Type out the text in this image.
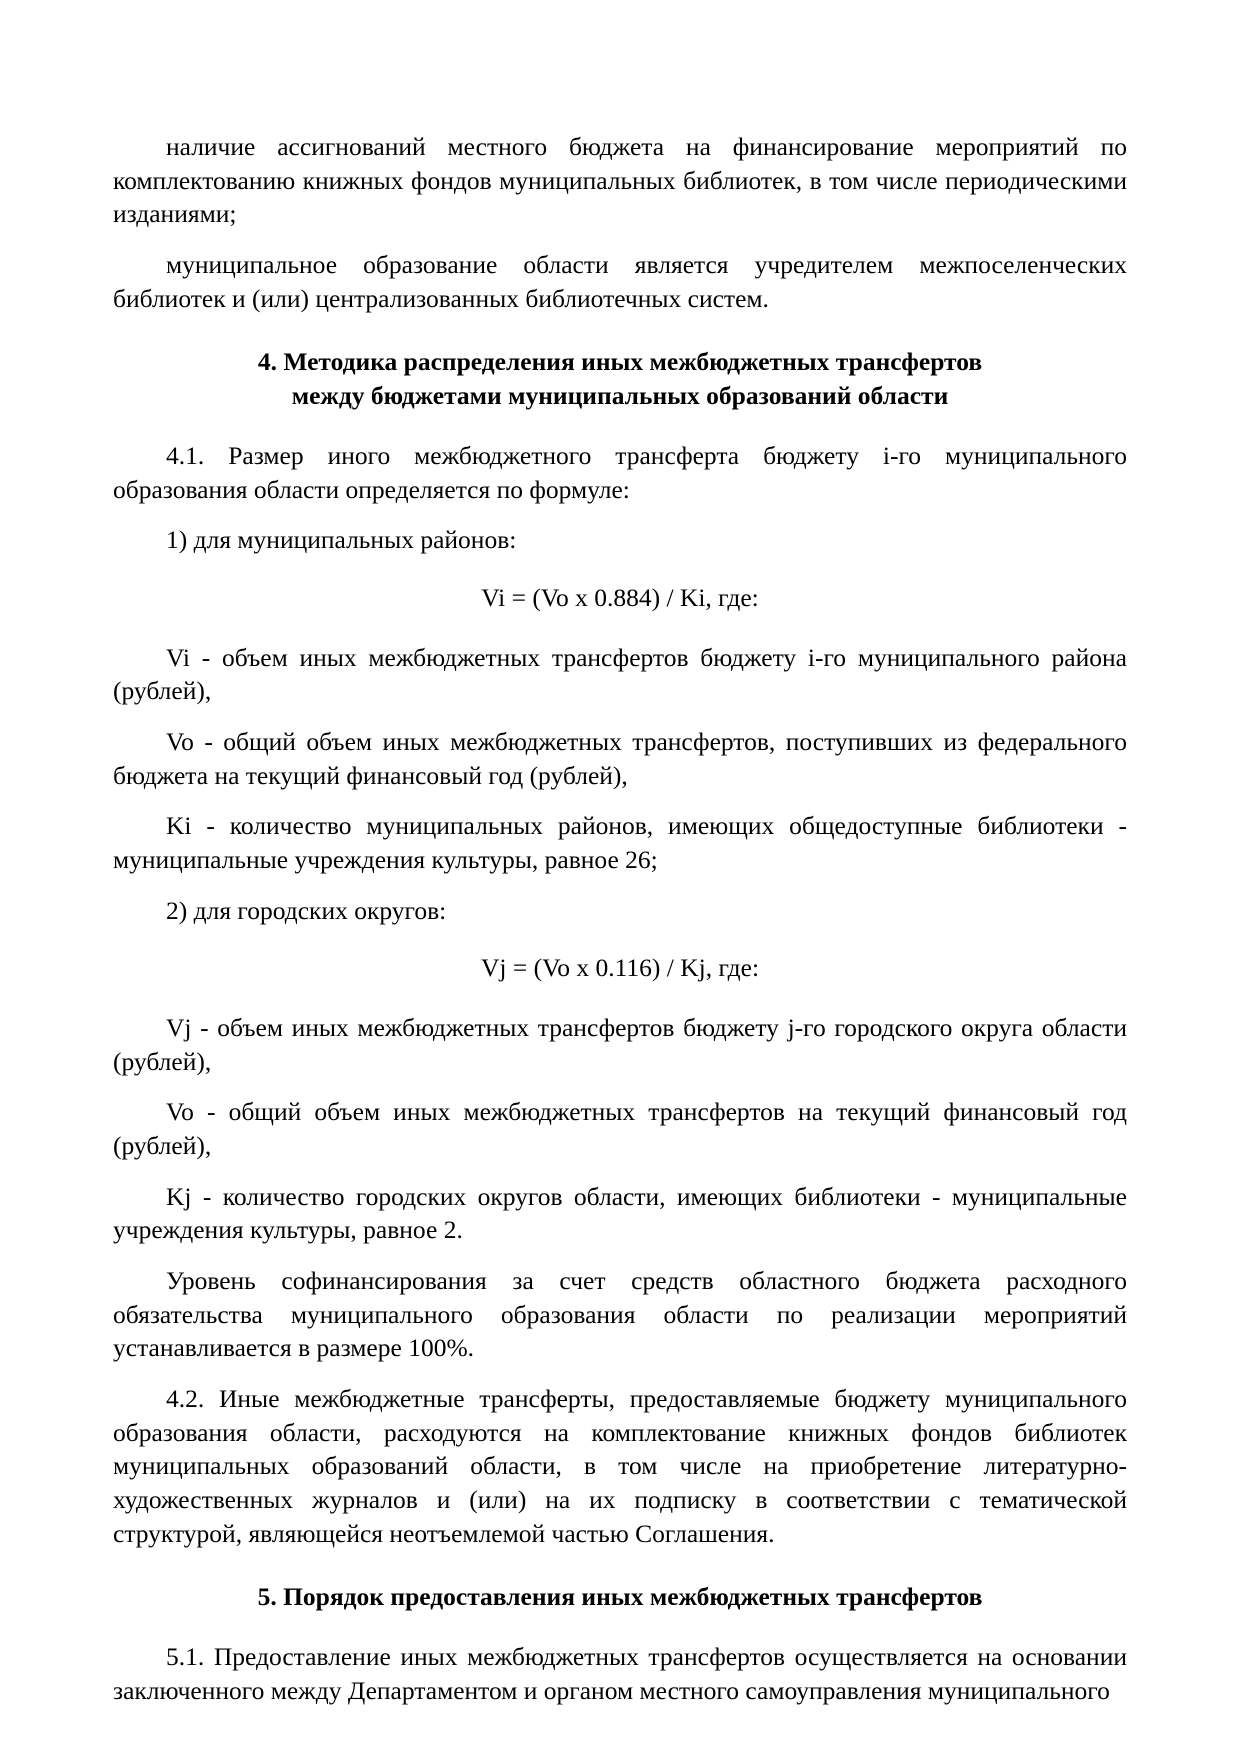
наличие ассигнований местного бюджета на финансирование мероприятий по комплектованию книжных фондов муниципальных библиотек, в том числе периодическими изданиями;

муниципальное образование области является учредителем межпоселенческих библиотек и (или) централизованных библиотечных систем.

4. Методика распределения иных межбюджетных трансфертов
между бюджетами муниципальных образований области

4.1. Размер иного межбюджетного трансферта бюджету i-го муниципального образования области определяется по формуле:

1) для муниципальных районов:

Vi = (Vo x 0.884) / Ki, где:

Vi - объем иных межбюджетных трансфертов бюджету i-го муниципального района (рублей),

Vo - общий объем иных межбюджетных трансфертов, поступивших из федерального бюджета на текущий финансовый год (рублей),

Ki - количество муниципальных районов, имеющих общедоступные библиотеки - муниципальные учреждения культуры, равное 26;

2) для городских округов:

Vj = (Vo x 0.116) / Kj, где:

Vj - объем иных межбюджетных трансфертов бюджету j-го городского округа области (рублей),

Vo - общий объем иных межбюджетных трансфертов на текущий финансовый год (рублей),

Kj - количество городских округов области, имеющих библиотеки - муниципальные учреждения культуры, равное 2.

Уровень софинансирования за счет средств областного бюджета расходного обязательства муниципального образования области по реализации мероприятий устанавливается в размере 100%.

4.2. Иные межбюджетные трансферты, предоставляемые бюджету муниципального образования области, расходуются на комплектование книжных фондов библиотек муниципальных образований области, в том числе на приобретение литературно-художественных журналов и (или) на их подписку в соответствии с тематической структурой, являющейся неотъемлемой частью Соглашения.

5. Порядок предоставления иных межбюджетных трансфертов

5.1. Предоставление иных межбюджетных трансфертов осуществляется на основании заключенного между Департаментом и органом местного самоуправления муниципального
